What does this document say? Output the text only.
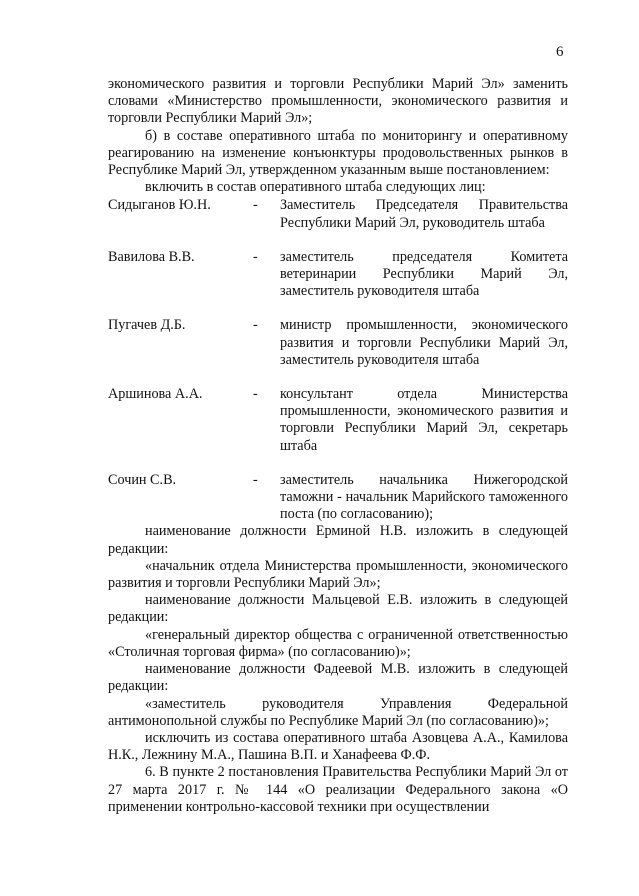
6

экономического развития и торговли Республики Марий Эл» заменить словами «Министерство промышленности, экономического развития и торговли Республики Марий Эл»;

б) в составе оперативного штаба по мониторингу и оперативному реагированию на изменение конъюнктуры продовольственных рынков в Республике Марий Эл, утвержденном указанным выше постановлением:

включить в состав оперативного штаба следующих лиц:

Сидыганов Ю.Н.	-	Заместитель Председателя Правительства Республики Марий Эл, руководитель штаба
Вавилова В.В.	-	заместитель председателя Комитета ветеринарии Республики Марий Эл, заместитель руководителя штаба
Пугачев Д.Б.	-	министр промышленности, экономического развития и торговли Республики Марий Эл, заместитель руководителя штаба
Аршинова А.А.	-	консультант отдела Министерства промышленности, экономического развития и торговли Республики Марий Эл, секретарь штаба
Сочин С.В.	-	заместитель начальника Нижегородской таможни - начальник Марийского таможенного поста (по согласованию);

наименование должности Ерминой Н.В. изложить в следующей редакции:

«начальник отдела Министерства промышленности, экономического развития и торговли Республики Марий Эл»;

наименование должности Мальцевой Е.В. изложить в следующей редакции:

«генеральный директор общества с ограниченной ответственностью «Столичная торговая фирма» (по согласованию)»;

наименование должности Фадеевой М.В. изложить в следующей редакции:

«заместитель руководителя Управления Федеральной антимонопольной службы по Республике Марий Эл (по согласованию)»;

исключить из состава оперативного штаба Азовцева А.А., Камилова Н.К., Лежнину М.А., Пашина В.П. и Ханафеева Ф.Ф.

6. В пункте 2 постановления Правительства Республики Марий Эл от 27 марта 2017 г. № 144 «О реализации Федерального закона «О применении контрольно-кассовой техники при осуществлении
